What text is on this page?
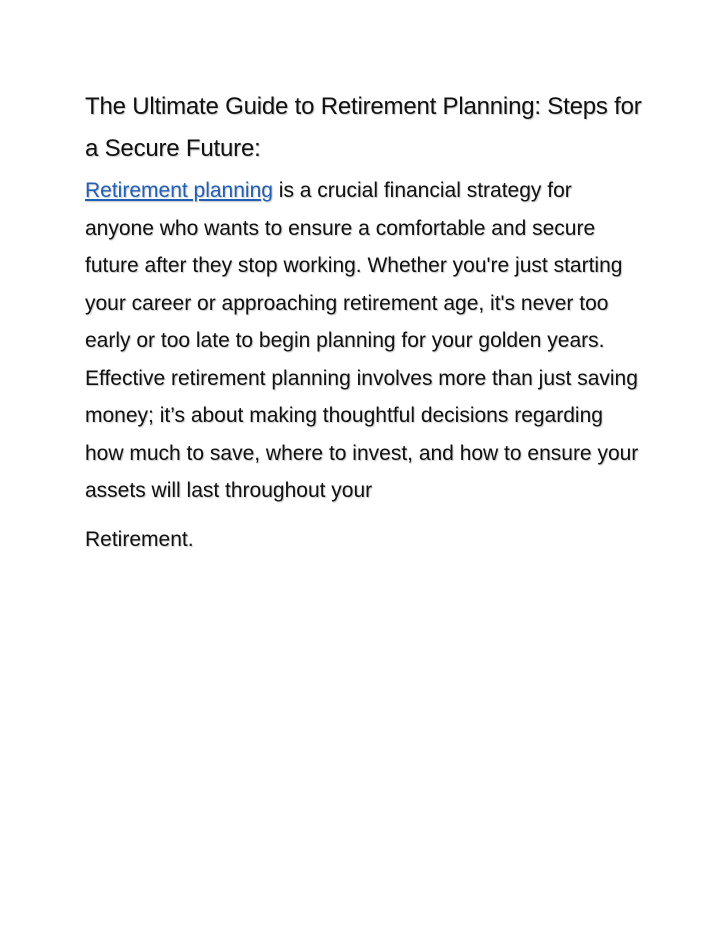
The Ultimate Guide to Retirement Planning: Steps for a Secure Future:

Retirement planning is a crucial financial strategy for anyone who wants to ensure a comfortable and secure future after they stop working. Whether you're just starting your career or approaching retirement age, it's never too early or too late to begin planning for your golden years. Effective retirement planning involves more than just saving money; it’s about making thoughtful decisions regarding how much to save, where to invest, and how to ensure your assets will last throughout your

Retirement.
